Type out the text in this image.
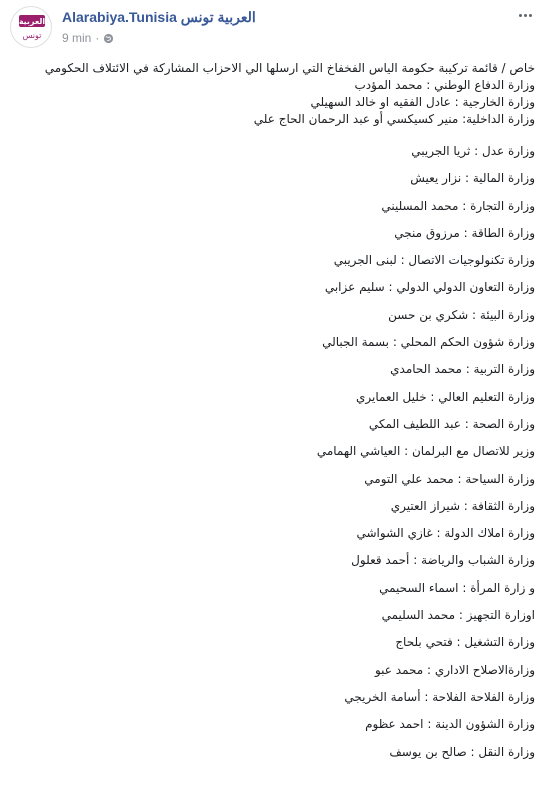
العربية
تونس
Alarabiya.Tunisia العربية تونس
9 min ·
خاص / قائمة تركيبة حكومة الياس الفخفاخ التي ارسلها الي الاحزاب المشاركة في الائتلاف الحكومي
وزارة الدفاع الوطني : محمد المؤدب
وزارة الخارجية : عادل الفقيه او خالد السهيلي
وزارة الداخلية: منير كسيكسي أو عبد الرحمان الحاج علي
وزارة عدل : ثريا الجريبي
وزارة المالية : نزار يعيش
وزارة التجارة : محمد المسليني
وزارة الطاقة : مرزوق منجي
وزارة تكنولوجيات الاتصال : لبنى الجريبي
وزارة التعاون الدولي الدولي : سليم عزابي
وزارة البيئة : شكري بن حسن
وزارة شؤون الحكم المحلي : بسمة الجبالي
وزارة التربية : محمد الحامدي
وزارة التعليم العالي : خليل العمايري
وزارة الصحة : عبد اللطيف المكي
وزير للاتصال مع البرلمان : العياشي الهمامي
وزارة السياحة : محمد علي التومي
وزارة الثقافة : شيراز العتيري
وزارة املاك الدولة : غازي الشواشي
وزارة الشباب والرياضة : أحمد قعلول
و زارة المرأة : اسماء السحيمي
اوزارة التجهيز : محمد السليمي
وزارة التشغيل : فتحي بلحاج
وزارةالاصلاح الاداري : محمد عبو
وزارة الفلاحة الفلاحة : أسامة الخريجي
وزارة الشؤون الدينة : احمد عظوم
وزارة النقل : صالح بن يوسف
